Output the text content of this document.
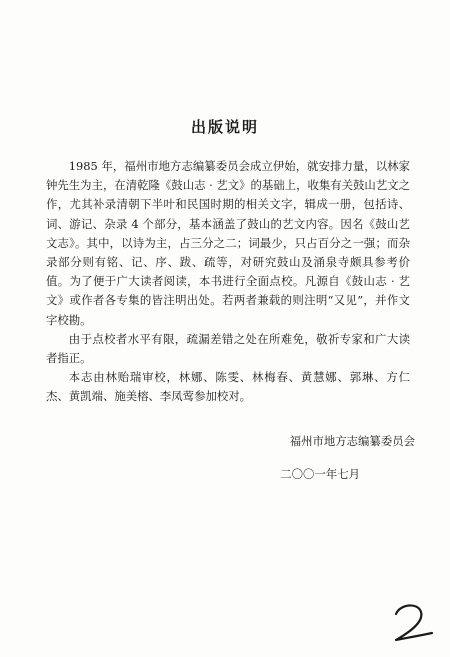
出版说明

1985 年，福州市地方志编纂委员会成立伊始，就安排力量，以林家钟先生为主，在清乾隆《鼓山志 · 艺文》的基础上，收集有关鼓山艺文之作，尤其补录清朝下半叶和民国时期的相关文字，辑成一册，包括诗、词、游记、杂录 4 个部分，基本涵盖了鼓山的艺文内容。因名《鼓山艺文志》。其中，以诗为主，占三分之二；词最少，只占百分之一强；而杂录部分则有铭、记、序、跋、疏等，对研究鼓山及涌泉寺颇具参考价值。为了便于广大读者阅读，本书进行全面点校。凡源自《鼓山志 · 艺文》或作者各专集的皆注明出处。若两者兼载的则注明“又见”，并作文字校勘。

由于点校者水平有限，疏漏差错之处在所难免，敬祈专家和广大读者指正。

本志由林贻瑞审校，林娜、陈雯、林梅春、黄慧娜、郭琳、方仁杰、黄凯端、施美榕、李凤莺参加校对。

福州市地方志编纂委员会
二〇〇一年七月
